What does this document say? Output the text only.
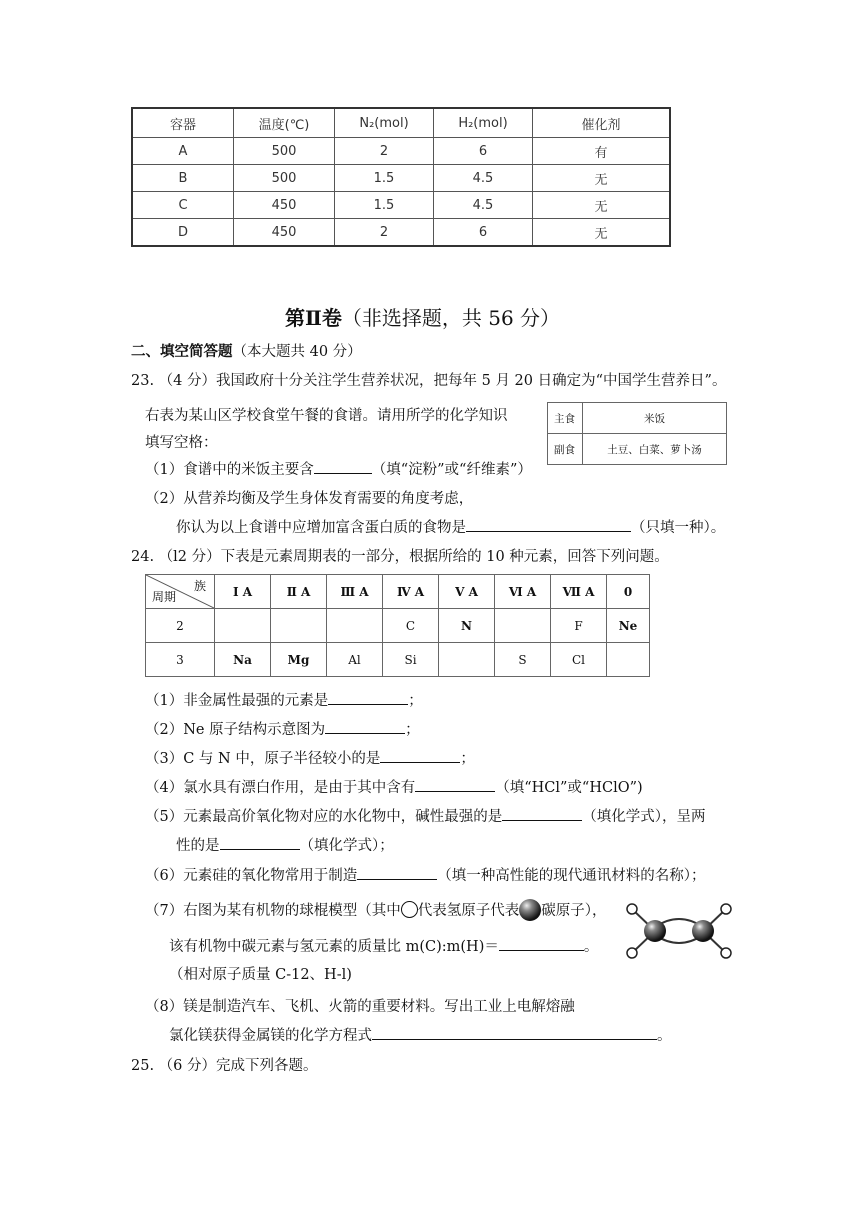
容器	温度(℃)	N₂(mol)	H₂(mol)	催化剂
A	500	2	6	有
B	500	1.5	4.5	无
C	450	1.5	4.5	无
D	450	2	6	无
第Ⅱ卷（非选择题，共 56 分）
二、填空简答题（本大题共 40 分）
23. （4 分）我国政府十分关注学生营养状况，把每年 5 月 20 日确定为“中国学生营养日”。
右表为某山区学校食堂午餐的食谱。请用所学的化学知识
填写空格：
主食	米饭
副食	土豆、白菜、萝卜汤
（1）食谱中的米饭主要含	（填“淀粉”或“纤维素”）
（2）从营养均衡及学生身体发育需要的角度考虑，
你认为以上食谱中应增加富含蛋白质的食物是	（只填一种）。
24. （l2 分）下表是元素周期表的一部分，根据所给的 10 种元素，回答下列问题。
族
周期	Ⅰ A	Ⅱ A	Ⅲ A	Ⅳ A	Ⅴ A	Ⅵ A	Ⅶ A	0
2				C	N		F	Ne
3	Na	Mg	Al	Si		S	Cl	
（1）非金属性最强的元素是	；
（2）Ne 原子结构示意图为	；
（3）C 与 N 中，原子半径较小的是	；
（4）氯水具有漂白作用，是由于其中含有	（填“HCl”或“HClO”)
（5）元素最高价氧化物对应的水化物中，碱性最强的是	（填化学式），呈两
性的是	（填化学式）；
（6）元素硅的氧化物常用于制造	（填一种高性能的现代通讯材料的名称）；
（7）右图为某有机物的球棍模型（其中 代表氢原子代表 碳原子），
该有机物中碳元素与氢元素的质量比 m(C):m(H)＝	。
（相对原子质量 C-12、H-l)
（8）镁是制造汽车、飞机、火箭的重要材料。写出工业上电解熔融
氯化镁获得金属镁的化学方程式	。
25. （6 分）完成下列各题。
